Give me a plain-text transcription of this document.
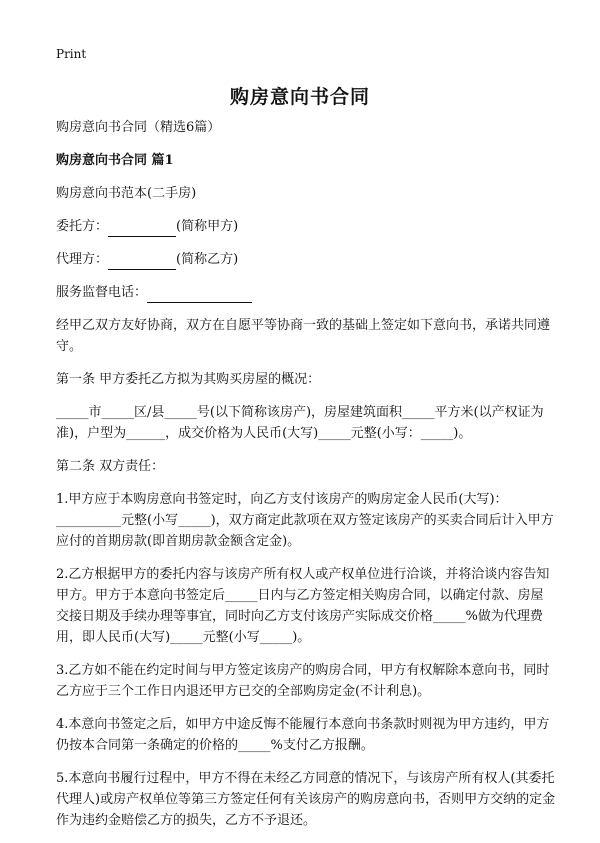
Print
购房意向书合同

购房意向书合同（精选6篇）

购房意向书合同 篇1

购房意向书范本(二手房)

委托方：	(简称甲方)
代理方：	(简称乙方)
服务监督电话：

经甲乙双方友好协商，双方在自愿平等协商一致的基础上签定如下意向书，承诺共同遵守。

第一条 甲方委托乙方拟为其购买房屋的概况：

_____市_____区/县_____号(以下简称该房产)，房屋建筑面积_____平方米(以产权证为准)，户型为______，成交价格为人民币(大写)_____元整(小写：_____)。

第二条 双方责任：

1.甲方应于本购房意向书签定时，向乙方支付该房产的购房定金人民币(大写)：__________元整(小写_____)，双方商定此款项在双方签定该房产的买卖合同后计入甲方应付的首期房款(即首期房款金额含定金)。

2.乙方根据甲方的委托内容与该房产所有权人或产权单位进行洽谈，并将洽谈内容告知甲方。甲方于本意向书签定后_____日内与乙方签定相关购房合同，以确定付款、房屋交接日期及手续办理等事宜，同时向乙方支付该房产实际成交价格_____%做为代理费用，即人民币(大写)_____元整(小写_____)。

3.乙方如不能在约定时间与甲方签定该房产的购房合同，甲方有权解除本意向书，同时乙方应于三个工作日内退还甲方已交的全部购房定金(不计利息)。

4.本意向书签定之后，如甲方中途反悔不能履行本意向书条款时则视为甲方违约，甲方仍按本合同第一条确定的价格的_____%支付乙方报酬。

5.本意向书履行过程中，甲方不得在未经乙方同意的情况下，与该房产所有权人(其委托代理人)或房产权单位等第三方签定任何有关该房产的购房意向书，否则甲方交纳的定金作为违约金赔偿乙方的损失，乙方不予退还。
